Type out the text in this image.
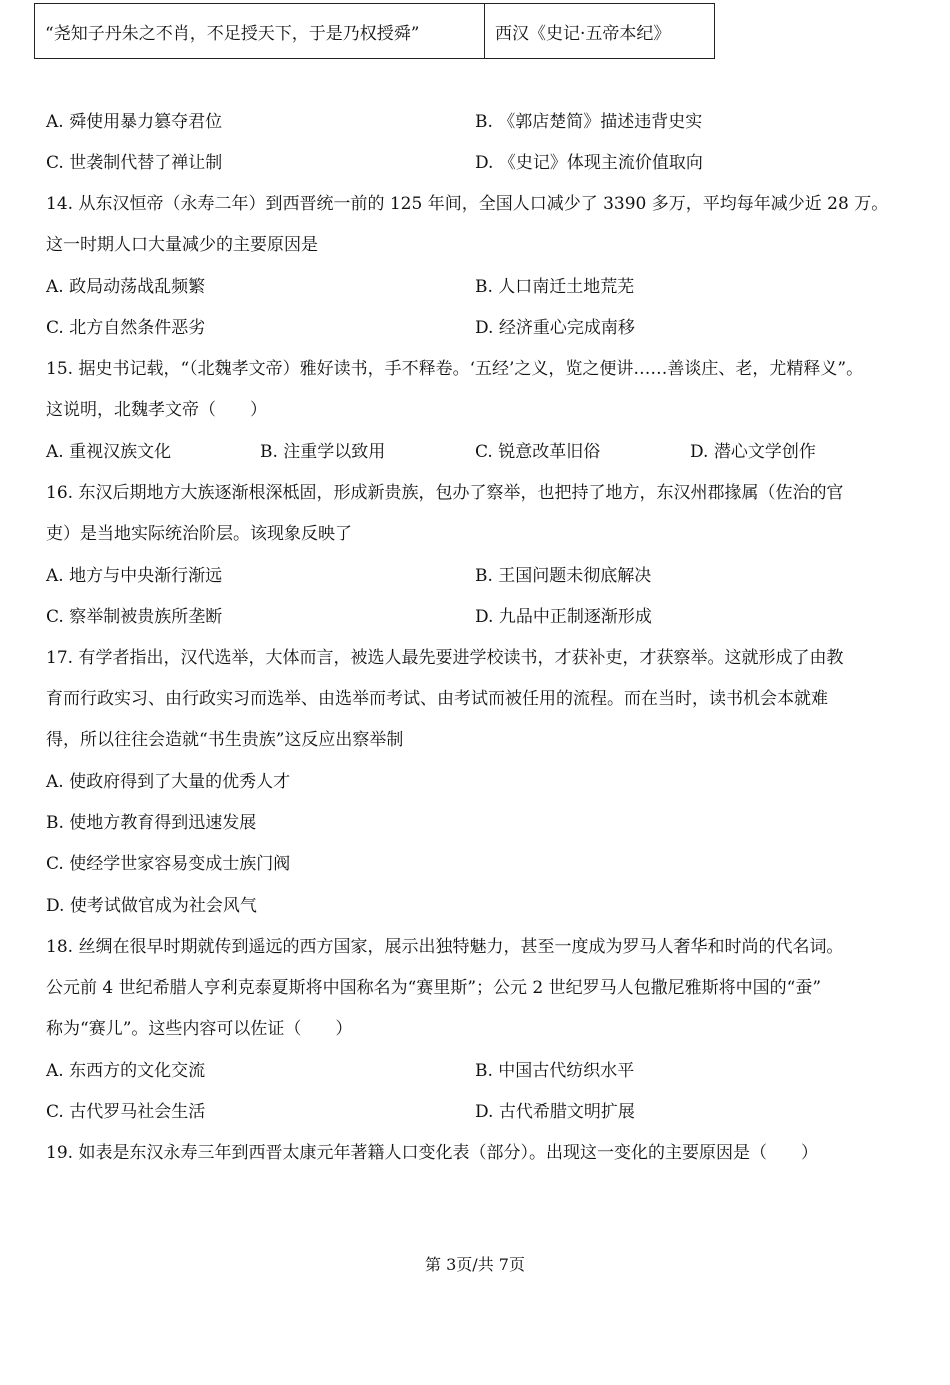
“尧知子丹朱之不肖，不足授天下，于是乃权授舜”	西汉《史记·五帝本纪》
A. 舜使用暴力篡夺君位	B. 《郭店楚简》描述违背史实
C. 世袭制代替了禅让制	D. 《史记》体现主流价值取向
14. 从东汉恒帝（永寿二年）到西晋统一前的 125 年间，全国人口减少了 3390 多万，平均每年减少近 28 万。
这一时期人口大量减少的主要原因是
A. 政局动荡战乱频繁	B. 人口南迁土地荒芜
C. 北方自然条件恶劣	D. 经济重心完成南移
15. 据史书记载，“（北魏孝文帝）雅好读书，手不释卷。‘五经’之义，览之便讲……善谈庄、老，尤精释义”。
这说明，北魏孝文帝（　　）
A. 重视汉族文化	B. 注重学以致用	C. 锐意改革旧俗	D. 潜心文学创作
16. 东汉后期地方大族逐渐根深柢固，形成新贵族，包办了察举，也把持了地方，东汉州郡掾属（佐治的官
吏）是当地实际统治阶层。该现象反映了
A. 地方与中央渐行渐远	B. 王国问题未彻底解决
C. 察举制被贵族所垄断	D. 九品中正制逐渐形成
17. 有学者指出，汉代选举，大体而言，被选人最先要进学校读书，才获补吏，才获察举。这就形成了由教
育而行政实习、由行政实习而选举、由选举而考试、由考试而被任用的流程。而在当时，读书机会本就难
得，所以往往会造就“书生贵族”这反应出察举制
A. 使政府得到了大量的优秀人才
B. 使地方教育得到迅速发展
C. 使经学世家容易变成士族门阀
D. 使考试做官成为社会风气
18. 丝绸在很早时期就传到遥远的西方国家，展示出独特魅力，甚至一度成为罗马人奢华和时尚的代名词。
公元前 4 世纪希腊人亨利克泰夏斯将中国称名为“赛里斯”；公元 2 世纪罗马人包撒尼雅斯将中国的“蚕”
称为“赛儿”。这些内容可以佐证（　　）
A. 东西方的文化交流	B. 中国古代纺织水平
C. 古代罗马社会生活	D. 古代希腊文明扩展
19. 如表是东汉永寿三年到西晋太康元年著籍人口变化表（部分）。出现这一变化的主要原因是（　　）
第 3页/共 7页
